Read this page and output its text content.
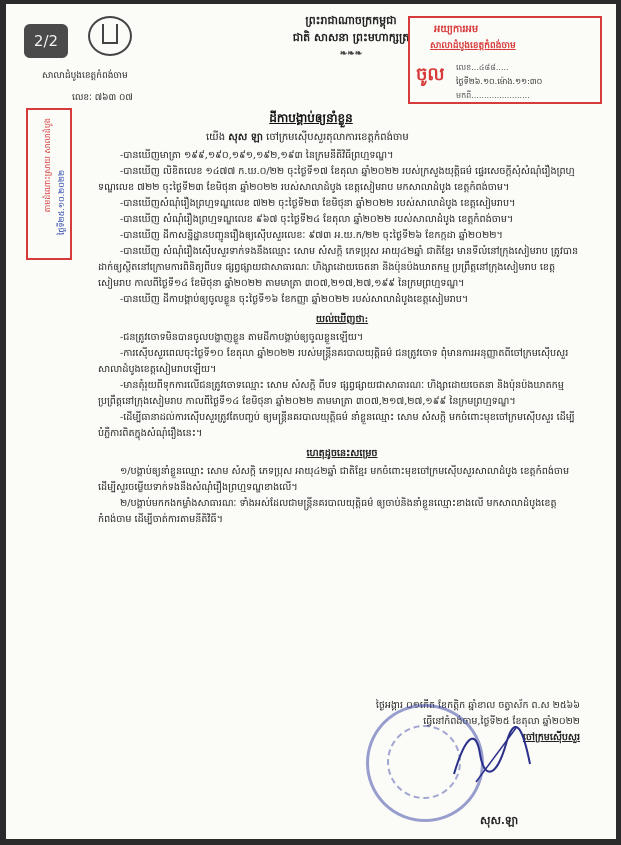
2/2
សាលាដំបូងខេត្តកំពង់ចាម
លេខៈ ៧៦៣ ០៧
ព្រះរាជាណាចក្រកម្ពុជា
ជាតិ សាសនា ព្រះមហាក្សត្រ
❧❧❧
អយ្យការអម
សាលាដំបូងខេត្តកំពង់ចាម
ចូល លេខ...៤៨៨.....
ថ្ងៃទី២៦.១០.ម៉ោង.១១:៣០
មកពី.......................
តាមដំណោះស្រាយ សាលាដំបូង ថ្ងៃទី២៥.១០.២០២២
ដីកាបង្គាប់ឲ្យនាំខ្លួន
យើង សុស ឡា ចៅក្រមស៊ើបសួរតុលាការខេត្តកំពង់ចាម

-បានឃើញមាត្រា ១៩៩,១៩០,១៩១,១៩២,១៩៣ នៃក្រមនីតិវិធីព្រហ្មទណ្ឌ។

-បានឃើញ លិខិតលេខ ១៤៧៧ ក.ឃ.០/២២ ចុះថ្ងៃទី១៧ ខែតុលា ឆ្នាំ២០២២ របស់ក្រសួងយុត្តិធម៌ ផ្ទេរសេចក្តីសុំសំណុំរឿងព្រហ្មទណ្ឌលេខ ៧២២ ចុះថ្ងៃទី២៣ ខែមិថុនា ឆ្នាំ២០២២ របស់សាលាដំបូង ខេត្តសៀមរាប មកសាលាដំបូង ខេត្តកំពង់ចាម។

-បានឃើញសំណុំរឿងព្រហ្មទណ្ឌលេខ ៧២២ ចុះថ្ងៃទី២៣ ខែមិថុនា ឆ្នាំ២០២២ របស់សាលាដំបូង ខេត្តសៀមរាប។

-បានឃើញ សំណុំរឿងព្រហ្មទណ្ឌលេខ ៩៦៧ ចុះថ្ងៃទី២៤ ខែតុលា ឆ្នាំ២០២២ របស់សាលាដំបូង ខេត្តកំពង់ចាម។

-បានឃើញ ដីកាសន្និដ្ឋានបញ្ជូនរឿងឲ្យស៊ើបសួរលេខៈ ៩៧៣ អ.យ.ក/២២ ចុះថ្ងៃទី២៦ ខែកក្កដា ឆ្នាំ២០២២។

-បានឃើញ សំណុំរឿងស៊ើបសួរទាក់ទងនឹងឈ្មោះ សោម សំសក្តិ ភេទប្រុស អាយុ៤២ឆ្នាំ ជាតិខ្មែរ មានទីលំនៅក្រុងសៀមរាប ត្រូវបានដាក់ឲ្យស្ថិតនៅក្រោមការពិនិត្យពីបទ ផ្សព្វផ្សាយជាសាធារណៈ ហិង្សាដោយចេតនា និងប៉ុនប៉ងឃាតកម្ម ប្រព្រឹត្តនៅក្រុងសៀមរាប ខេត្តសៀមរាប កាលពីថ្ងៃទី១៤ ខែមិថុនា ឆ្នាំ២០២២ តាមមាត្រា ៣០៧,២១៧,២៧,១៩៩ នៃក្រមព្រហ្មទណ្ឌ។

-បានឃើញ ដីកាបង្គាប់ឲ្យចូលខ្លួន ចុះថ្ងៃទី១៦ ខែកញ្ញា ឆ្នាំ២០២២ របស់សាលាដំបូងខេត្តសៀមរាប។

យល់ឃើញថា:

-ជនត្រូវចោទមិនបានចូលបង្ហាញខ្លួន តាមដីកាបង្គាប់ឲ្យចូលខ្លួនឡើយ។

-ការស៊ើបសួរពេលចុះថ្ងៃទី១០ ខែតុលា ឆ្នាំ២០២២ របស់មន្ត្រីនគរបាលយុត្តិធម៌ ជនត្រូវចោទ ពុំមានការអនុញ្ញាតពីចៅក្រមស៊ើបសួរសាលាដំបូងខេត្តសៀមរាបឡើយ។

-មានតុំរុយពីទុកការលើជនត្រូវចោទឈ្មោះ សោម សំសក្តិ ពីបទ ផ្សព្វផ្សាយជាសាធារណៈ ហិង្សាដោយចេតនា និងប៉ុនប៉ងឃាតកម្ម ប្រព្រឹត្តនៅក្រុងសៀមរាប កាលពីថ្ងៃទី១៤ ខែមិថុនា ឆ្នាំ២០២២ តាមមាត្រា ៣០៧,២១៧,២៧,១៩៩ នៃក្រមព្រហ្មទណ្ឌ។

-ដើម្បីធានាដល់ការស៊ើបសួរត្រូវតែបញ្ចប់ ឲ្យមន្ត្រីនគរបាលយុត្តិធម៌ នាំខ្លួនឈ្មោះ សោម សំសក្តិ មកចំពោះមុខចៅក្រមស៊ើបសួរ ដើម្បីបំភ្លឺការពិតក្នុងសំណុំរឿងនេះ។

ហេតុដូចនេះសម្រេច

១/បង្គាប់ឲ្យនាំខ្លួនឈ្មោះ សោម សំសក្តិ ភេទប្រុស អាយុ៤២ឆ្នាំ ជាតិខ្មែរ មកចំពោះមុខចៅក្រមស៊ើបសួរសាលាដំបូង ខេត្តកំពង់ចាម ដើម្បីសួរចម្លើយទាក់ទងនឹងសំណុំរឿងព្រហ្មទណ្ឌខាងលើ។

២/បង្គាប់មកកងកម្លាំងសាធារណៈ ទាំងអស់ដែលជាមន្ត្រីនគរបាលយុត្តិធម៌ ឲ្យចាប់និងនាំខ្លួនឈ្មោះខាងលើ មកសាលាដំបូងខេត្តកំពង់ចាម ដើម្បីចាត់ការតាមនីតិវិធី។

ថ្ងៃអង្គារ ០១កើត ខែកត្តិក ឆ្នាំខាល ចត្វាស័ក ព.ស ២៥៦៦
ធ្វើនៅកំពង់ចាម,ថ្ងៃទី២៥ ខែតុលា ឆ្នាំ២០២២
ចៅក្រមស៊ើបសួរ
សុស.ឡា
